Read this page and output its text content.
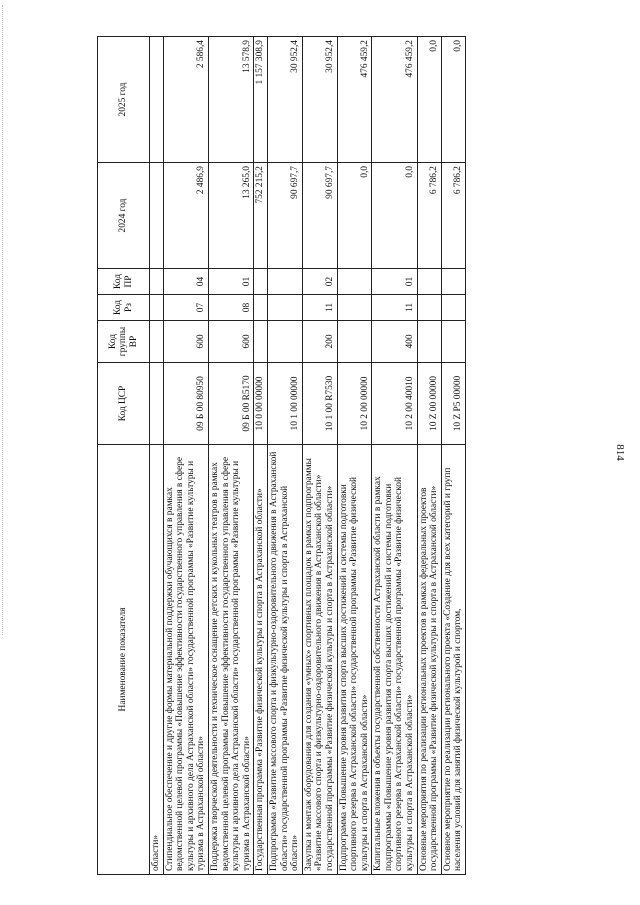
814
Наименование показателя	Код ЦСР	Код группы ВР	Код Рз	Код ПР	2024 год	2025 год
области»						
Стипендиальное обеспечение и другие формы материальной поддержки обучающихся в рамках ведомственной целевой программы «Повышение эффективности государственного управления в сфере культуры и архивного дела Астраханской области» государственной программы «Развитие культуры и туризма в Астраханской области»	09 Б 00 80950	600	07	04	2 486,9	2 586,4
Поддержка творческой деятельности и техническое оснащение детских и кукольных театров в рамках ведомственной целевой программы «Повышение эффективности государственного управления в сфере культуры и архивного дела Астраханской области» государственной программы «Развитие культуры и туризма в Астраханской области»	09 Б 00 R5170	600	08	01	13 265,0	13 578,9
Государственная программа «Развитие физической культуры и спорта в Астраханской области»	10 0 00 00000				752 215,2	1 157 308,9
Подпрограмма «Развитие массового спорта и физкультурно-оздоровительного движения в Астраханской области» государственной программы «Развитие физической культуры и спорта в Астраханской области»	10 1 00 00000				90 697,7	30 952,4
Закупка и монтаж оборудования для создания «умных» спортивных площадок в рамках подпрограммы «Развитие массового спорта и физкультурно-оздоровительного движения в Астраханской области» государственной программы «Развитие физической культуры и спорта в Астраханской области»	10 1 00 R7530	200	11	02	90 697,7	30 952,4
Подпрограмма «Повышение уровня развития спорта высших достижений и системы подготовки спортивного резерва в Астраханской области» государственной программы «Развитие физической культуры и спорта в Астраханской области»	10 2 00 00000				0,0	476 459,2
Капитальные вложения в объекты государственной собственности Астраханской области в рамках подпрограммы «Повышение уровня развития спорта высших достижений и системы подготовки спортивного резерва в Астраханской области» государственной программы «Развитие физической культуры и спорта в Астраханской области»	10 2 00 40010	400	11	01	0,0	476 459,2
Основные мероприятия по реализации региональных проектов в рамках федеральных проектов государственной программы «Развитие физической культуры и спорта в Астраханской области»	10 Z 00 00000				6 786,2	0,0
Основное мероприятие по реализации регионального проекта «Создание для всех категорий и групп населения условий для занятий физической культурой и спортом,	10 Z P5 00000				6 786,2	0,0
